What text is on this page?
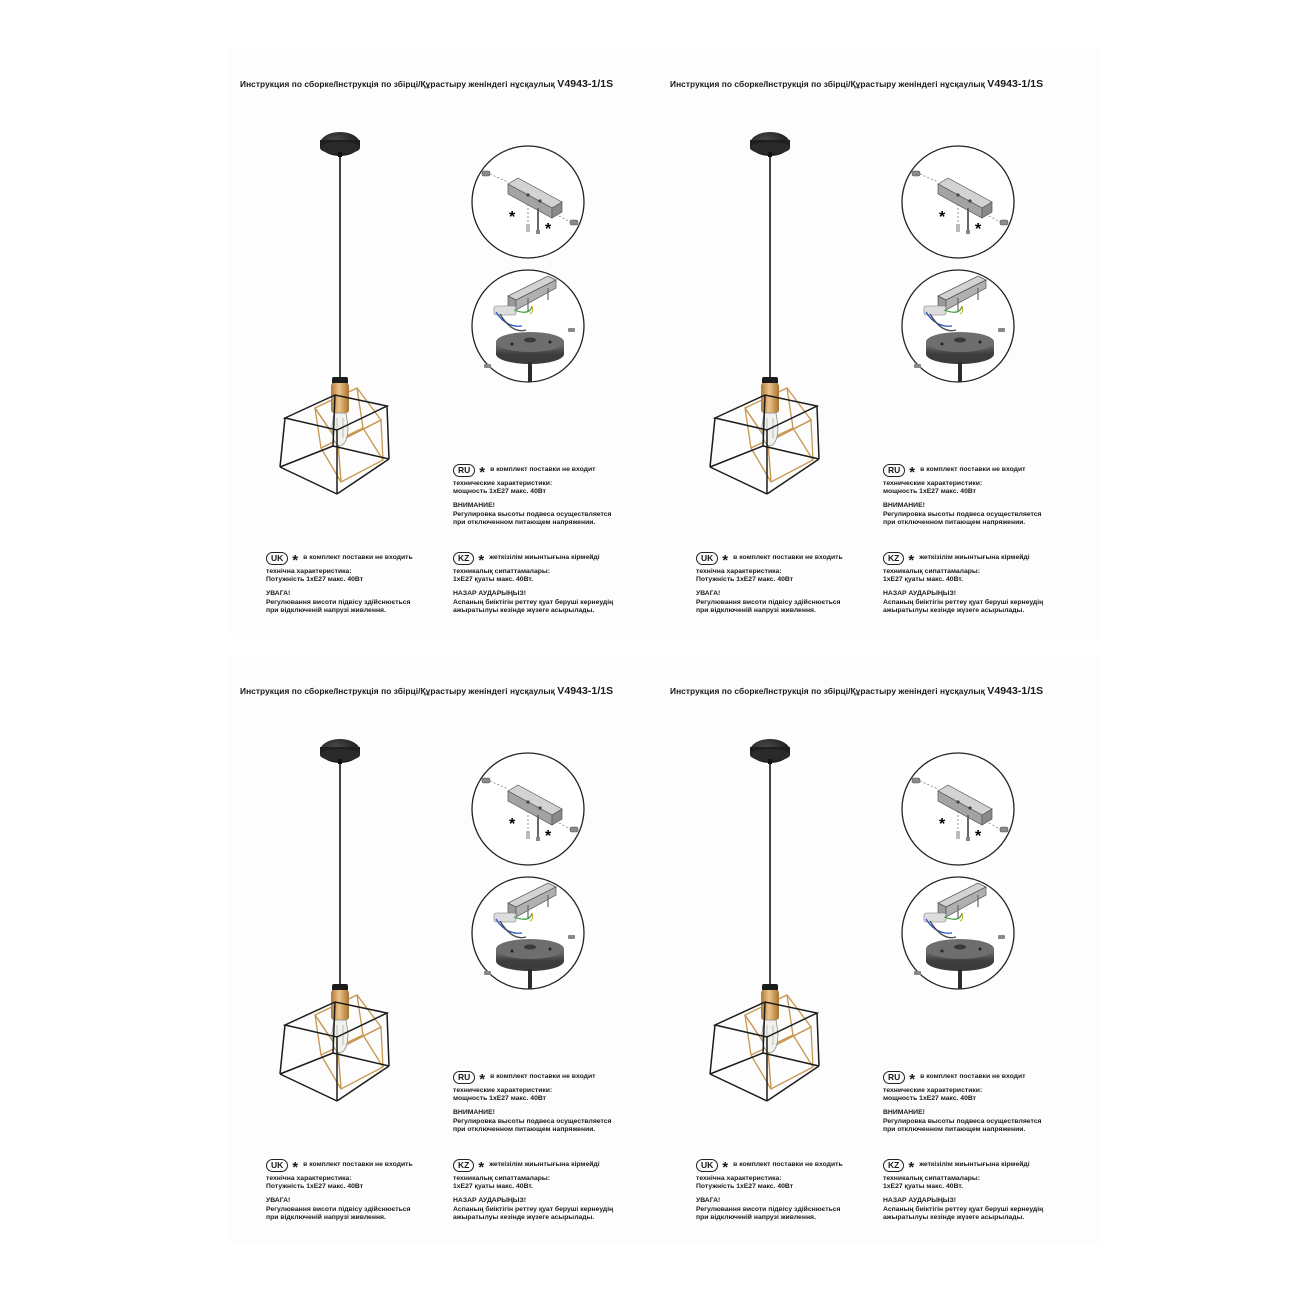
Инструкция по сборке/Інструкція по збірці/Құрастыру женіндегі нұсқаулық V4943-1/1S
*
*
RU * в комплект поставки не входит
технические характеристики:
мощность 1хЕ27 макс. 40Вт
ВНИМАНИЕ!
Регулировка высоты подвеса осуществляется
при отключенном питающем напряжении.
UK * в комплект поставки не входить
технічна характеристика:
Потужність 1хЕ27 макс. 40Вт
УВАГА!
Регулювання висоти підвісу здійснюється
при відключеній напрузі живлення.
KZ * жеткізілім жиынтығына кірмейді
техникалық сипаттамалары:
1хЕ27 қуаты макс. 40Вт.
НАЗАР АУДАРЫҢЫЗ!
Аспаның биіктігін реттеу қуат беруші кернеудің
ажыратылуы кезінде жүзеге асырылады.
Инструкция по сборке/Інструкція по збірці/Құрастыру женіндегі нұсқаулық V4943-1/1S
*
*
RU * в комплект поставки не входит
технические характеристики:
мощность 1хЕ27 макс. 40Вт
ВНИМАНИЕ!
Регулировка высоты подвеса осуществляется
при отключенном питающем напряжении.
UK * в комплект поставки не входить
технічна характеристика:
Потужність 1хЕ27 макс. 40Вт
УВАГА!
Регулювання висоти підвісу здійснюється
при відключеній напрузі живлення.
KZ * жеткізілім жиынтығына кірмейді
техникалық сипаттамалары:
1хЕ27 қуаты макс. 40Вт.
НАЗАР АУДАРЫҢЫЗ!
Аспаның биіктігін реттеу қуат беруші кернеудің
ажыратылуы кезінде жүзеге асырылады.
Инструкция по сборке/Інструкція по збірці/Құрастыру женіндегі нұсқаулық V4943-1/1S
*
*
RU * в комплект поставки не входит
технические характеристики:
мощность 1хЕ27 макс. 40Вт
ВНИМАНИЕ!
Регулировка высоты подвеса осуществляется
при отключенном питающем напряжении.
UK * в комплект поставки не входить
технічна характеристика:
Потужність 1хЕ27 макс. 40Вт
УВАГА!
Регулювання висоти підвісу здійснюється
при відключеній напрузі живлення.
KZ * жеткізілім жиынтығына кірмейді
техникалық сипаттамалары:
1хЕ27 қуаты макс. 40Вт.
НАЗАР АУДАРЫҢЫЗ!
Аспаның биіктігін реттеу қуат беруші кернеудің
ажыратылуы кезінде жүзеге асырылады.
Инструкция по сборке/Інструкція по збірці/Құрастыру женіндегі нұсқаулық V4943-1/1S
*
*
RU * в комплект поставки не входит
технические характеристики:
мощность 1хЕ27 макс. 40Вт
ВНИМАНИЕ!
Регулировка высоты подвеса осуществляется
при отключенном питающем напряжении.
UK * в комплект поставки не входить
технічна характеристика:
Потужність 1хЕ27 макс. 40Вт
УВАГА!
Регулювання висоти підвісу здійснюється
при відключеній напрузі живлення.
KZ * жеткізілім жиынтығына кірмейді
техникалық сипаттамалары:
1хЕ27 қуаты макс. 40Вт.
НАЗАР АУДАРЫҢЫЗ!
Аспаның биіктігін реттеу қуат беруші кернеудің
ажыратылуы кезінде жүзеге асырылады.
